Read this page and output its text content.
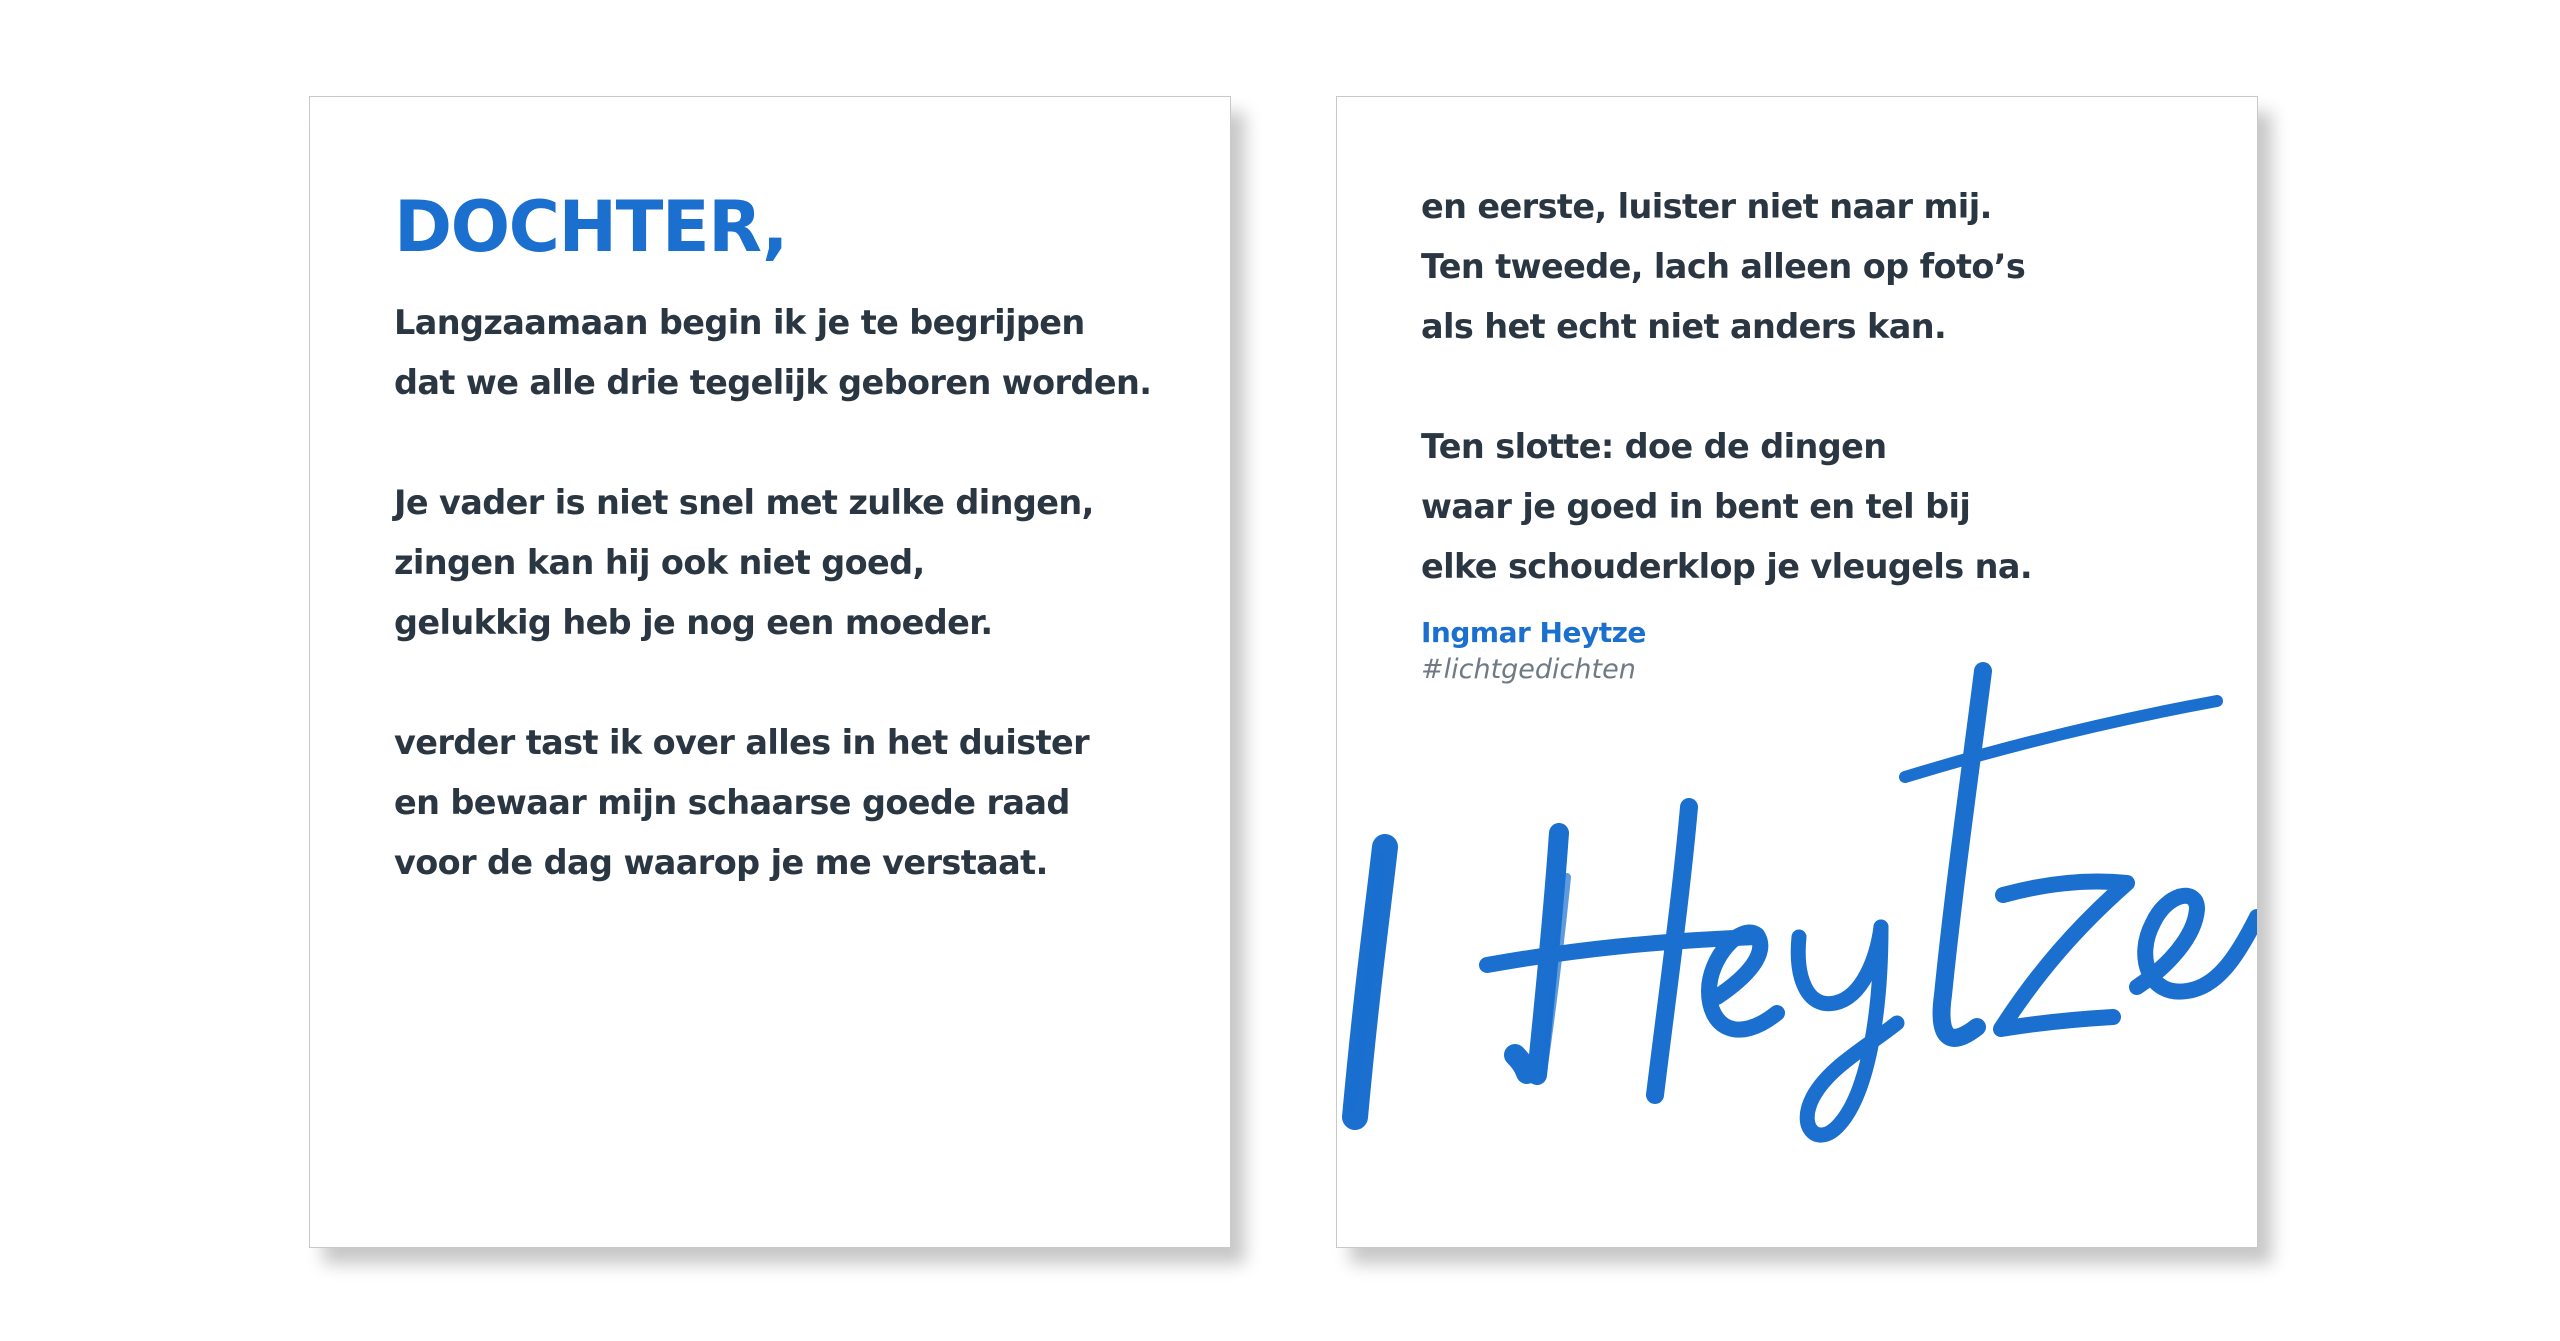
DOCHTER,

Langzaamaan begin ik je te begrijpen
dat we alle drie tegelijk geboren worden.

Je vader is niet snel met zulke dingen,
zingen kan hij ook niet goed,
gelukkig heb je nog een moeder.

verder tast ik over alles in het duister
en bewaar mijn schaarse goede raad
voor de dag waarop je me verstaat.

en eerste, luister niet naar mij.
Ten tweede, lach alleen op foto’s
als het echt niet anders kan.

Ten slotte: doe de dingen
waar je goed in bent en tel bij
elke schouderklop je vleugels na.

Ingmar Heytze
#lichtgedichten
